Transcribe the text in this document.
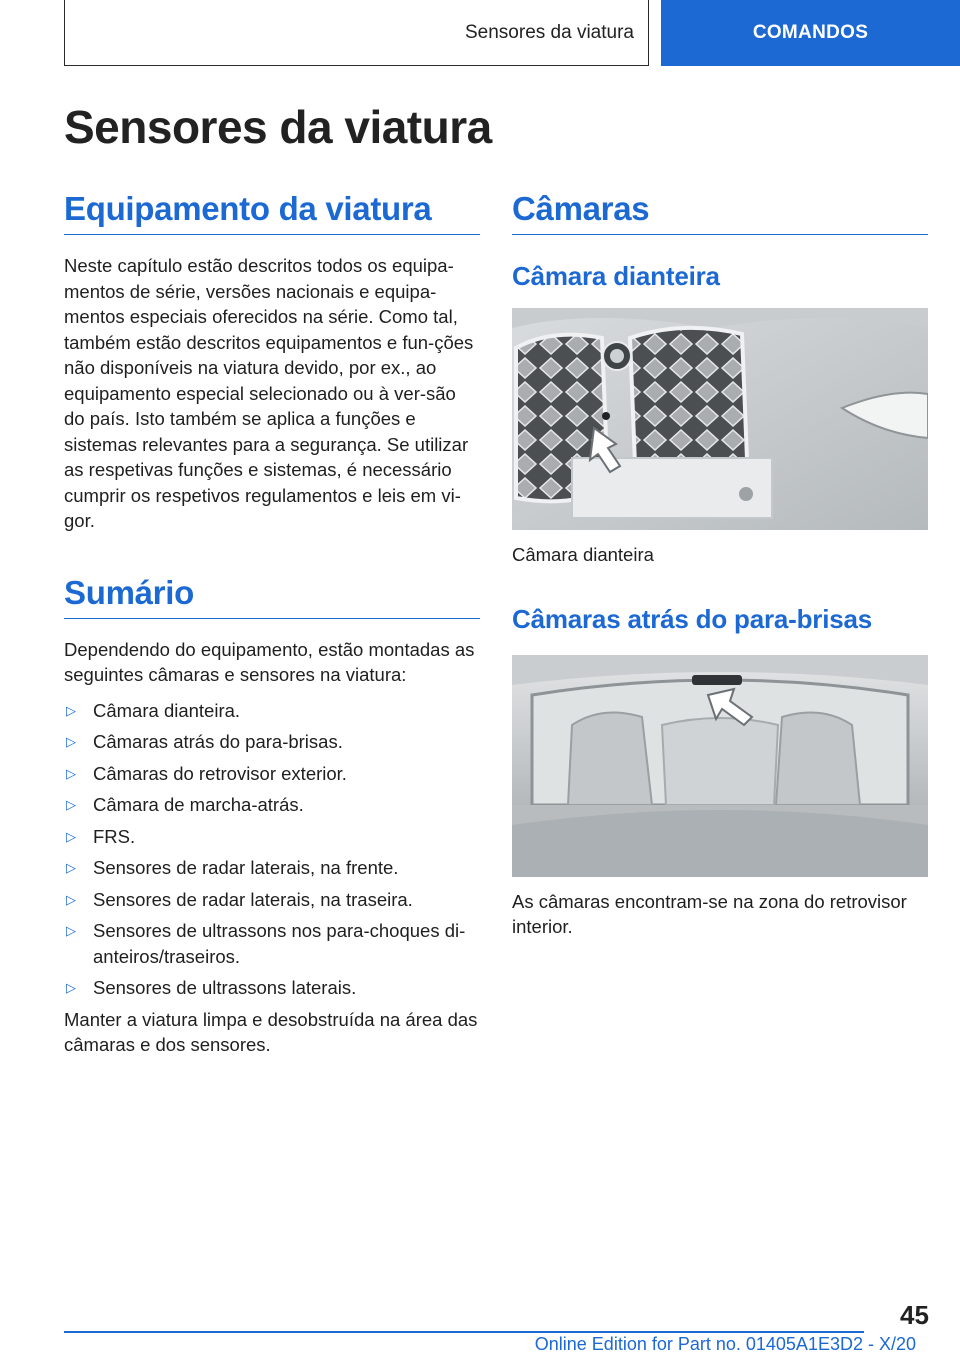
Sensores da viatura	COMANDOS
Sensores da viatura
Equipamento da viatura

Neste capítulo estão descritos todos os equipa-mentos de série, versões nacionais e equipa-mentos especiais oferecidos na série. Como tal, também estão descritos equipamentos e fun-ções não disponíveis na viatura devido, por ex., ao equipamento especial selecionado ou à ver-são do país. Isto também se aplica a funções e sistemas relevantes para a segurança. Se utilizar as respetivas funções e sistemas, é necessário cumprir os respetivos regulamentos e leis em vi-gor.

Sumário

Dependendo do equipamento, estão montadas as seguintes câmaras e sensores na viatura:

▷ Câmara dianteira.
▷ Câmaras atrás do para-brisas.
▷ Câmaras do retrovisor exterior.
▷ Câmara de marcha-atrás.
▷ FRS.
▷ Sensores de radar laterais, na frente.
▷ Sensores de radar laterais, na traseira.
▷ Sensores de ultrassons nos para-choques di-anteiros/traseiros.
▷ Sensores de ultrassons laterais.

Manter a viatura limpa e desobstruída na área das câmaras e dos sensores.

Câmaras
Câmara dianteira

Câmara dianteira

Câmaras atrás do para-brisas

As câmaras encontram-se na zona do retrovisor interior.

45
Online Edition for Part no. 01405A1E3D2 - X/20
